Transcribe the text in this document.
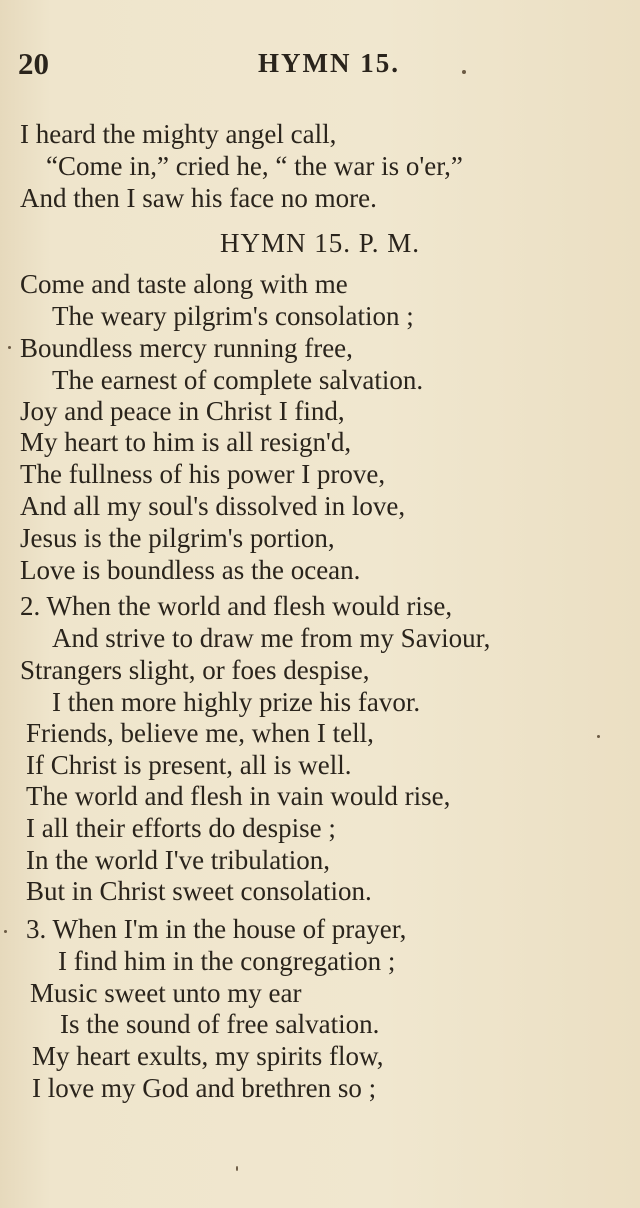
20	HYMN 15.
I heard the mighty angel call,
“Come in,” cried he, “ the war is o'er,”
And then I saw his face no more.
HYMN 15. P. M.
Come and taste along with me
The weary pilgrim's consolation ;
Boundless mercy running free,
The earnest of complete salvation.
Joy and peace in Christ I find,
My heart to him is all resign'd,
The fullness of his power I prove,
And all my soul's dissolved in love,
Jesus is the pilgrim's portion,
Love is boundless as the ocean.
2. When the world and flesh would rise,
And strive to draw me from my Saviour,
Strangers slight, or foes despise,
I then more highly prize his favor.
Friends, believe me, when I tell,
If Christ is present, all is well.
The world and flesh in vain would rise,
I all their efforts do despise ;
In the world I've tribulation,
But in Christ sweet consolation.
3. When I'm in the house of prayer,
I find him in the congregation ;
Music sweet unto my ear
Is the sound of free salvation.
My heart exults, my spirits flow,
I love my God and brethren so ;
